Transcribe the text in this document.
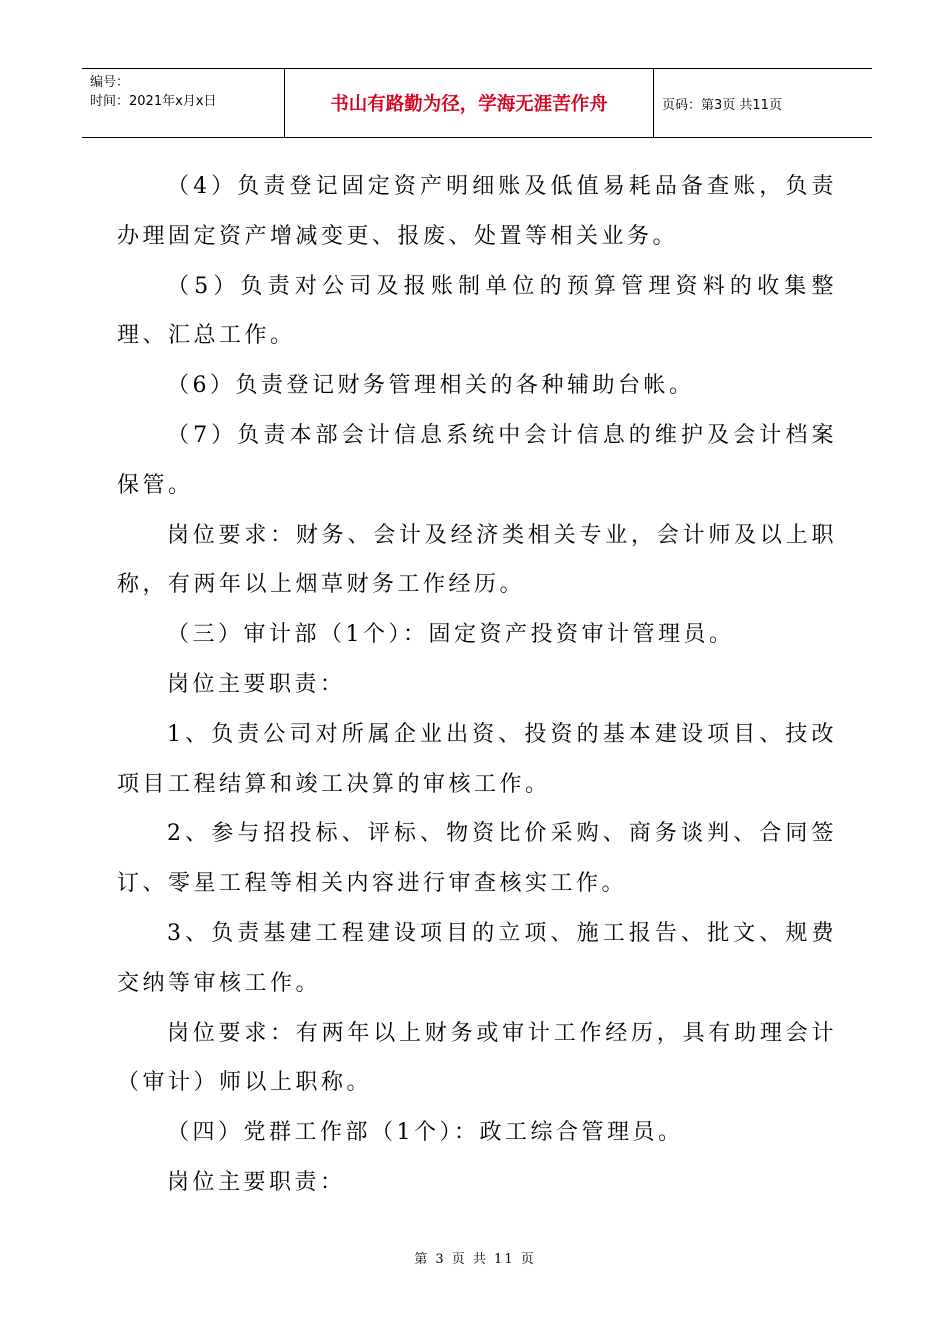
编号：
时间：2021年x月x日	书山有路勤为径，学海无涯苦作舟	页码：第3页 共11页

（4）负责登记固定资产明细账及低值易耗品备查账，负责办理固定资产增减变更、报废、处置等相关业务。

（5）负责对公司及报账制单位的预算管理资料的收集整理、汇总工作。

（6）负责登记财务管理相关的各种辅助台帐。

（7）负责本部会计信息系统中会计信息的维护及会计档案保管。

岗位要求：财务、会计及经济类相关专业，会计师及以上职称，有两年以上烟草财务工作经历。

（三）审计部（1个）：固定资产投资审计管理员。

岗位主要职责：

1、负责公司对所属企业出资、投资的基本建设项目、技改项目工程结算和竣工决算的审核工作。

2、参与招投标、评标、物资比价采购、商务谈判、合同签订、零星工程等相关内容进行审查核实工作。

3、负责基建工程建设项目的立项、施工报告、批文、规费交纳等审核工作。

岗位要求：有两年以上财务或审计工作经历，具有助理会计（审计）师以上职称。

（四）党群工作部（1个）：政工综合管理员。

岗位主要职责：

第 3 页 共 11 页
